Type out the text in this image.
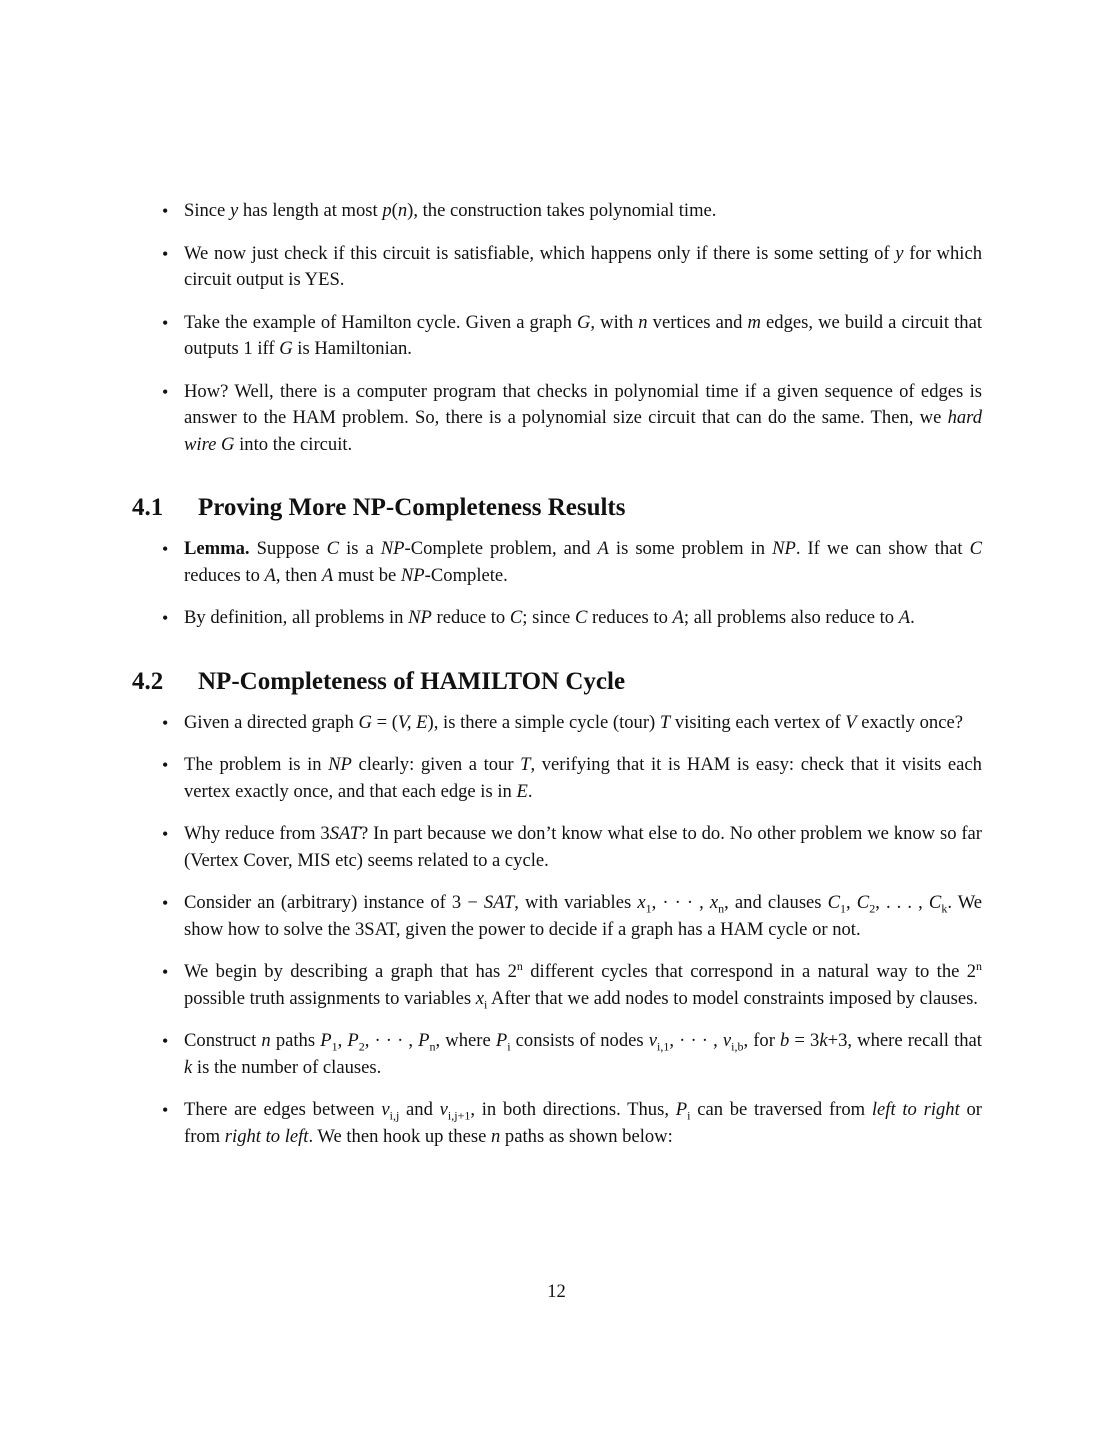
• Since y has length at most p(n), the construction takes polynomial time.
• We now just check if this circuit is satisfiable, which happens only if there is some setting of y for which circuit output is YES.
• Take the example of Hamilton cycle. Given a graph G, with n vertices and m edges, we build a circuit that outputs 1 iff G is Hamiltonian.
• How? Well, there is a computer program that checks in polynomial time if a given sequence of edges is answer to the HAM problem. So, there is a polynomial size circuit that can do the same. Then, we hard wire G into the circuit.
4.1	Proving More NP-Completeness Results
• Lemma. Suppose C is a NP-Complete problem, and A is some problem in NP. If we can show that C reduces to A, then A must be NP-Complete.
• By definition, all problems in NP reduce to C; since C reduces to A; all problems also reduce to A.
4.2	NP-Completeness of HAMILTON Cycle
• Given a directed graph G = (V, E), is there a simple cycle (tour) T visiting each vertex of V exactly once?
• The problem is in NP clearly: given a tour T, verifying that it is HAM is easy: check that it visits each vertex exactly once, and that each edge is in E.
• Why reduce from 3SAT? In part because we don’t know what else to do. No other problem we know so far (Vertex Cover, MIS etc) seems related to a cycle.
• Consider an (arbitrary) instance of 3 − SAT, with variables $x_1$, · · · , $x_n$, and clauses $C_1$, $C_2$, . . . , $C_k$. We show how to solve the 3SAT, given the power to decide if a graph has a HAM cycle or not.
• We begin by describing a graph that has 2$^n$ different cycles that correspond in a natural way to the 2$^n$ possible truth assignments to variables $x_i$ After that we add nodes to model constraints imposed by clauses.
• Construct n paths $P_1$, $P_2$, · · · , $P_n$, where $P_i$ consists of nodes $v_{i,1}$, · · · , $v_{i,b}$, for b = 3k+3, where recall that k is the number of clauses.
• There are edges between $v_{i,j}$ and $v_{i,j+1}$, in both directions. Thus, $P_i$ can be traversed from left to right or from right to left. We then hook up these n paths as shown below:
12
